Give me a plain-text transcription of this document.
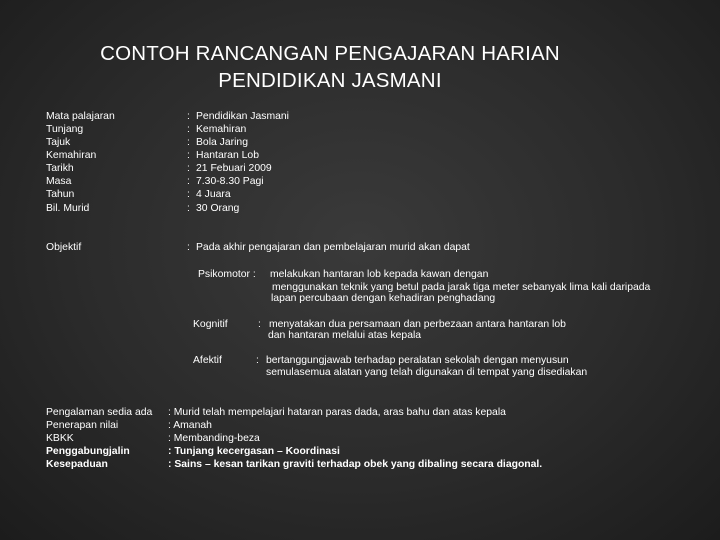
CONTOH RANCANGAN PENGAJARAN HARIAN
PENDIDIKAN JASMANI
Mata palajaran	: Pendidikan Jasmani
Tunjang	: Kemahiran
Tajuk	: Bola Jaring
Kemahiran	: Hantaran Lob
Tarikh	: 21 Febuari 2009
Masa	: 7.30-8.30 Pagi
Tahun	: 4 Juara
Bil. Murid	: 30 Orang
Objektif	: Pada akhir pengajaran dan pembelajaran murid akan dapat
Psikomotor : melakukan hantaran lob kepada kawan dengan
menggunakan teknik yang betul pada jarak tiga meter sebanyak lima kali daripada
lapan percubaan dengan kehadiran penghadang
Kognitif	: menyatakan dua persamaan dan perbezaan antara hantaran lob
dan hantaran melalui atas kepala
Afektif	: bertanggungjawab terhadap peralatan sekolah dengan menyusun
semulasemua alatan yang telah digunakan di tempat yang disediakan
Pengalaman sedia ada : Murid telah mempelajari hataran paras dada, aras bahu dan atas kepala
Penerapan nilai	: Amanah
KBKK	: Membanding-beza
Penggabungjalin	: Tunjang kecergasan – Koordinasi
Kesepaduan	: Sains – kesan tarikan graviti terhadap obek yang dibaling secara diagonal.
